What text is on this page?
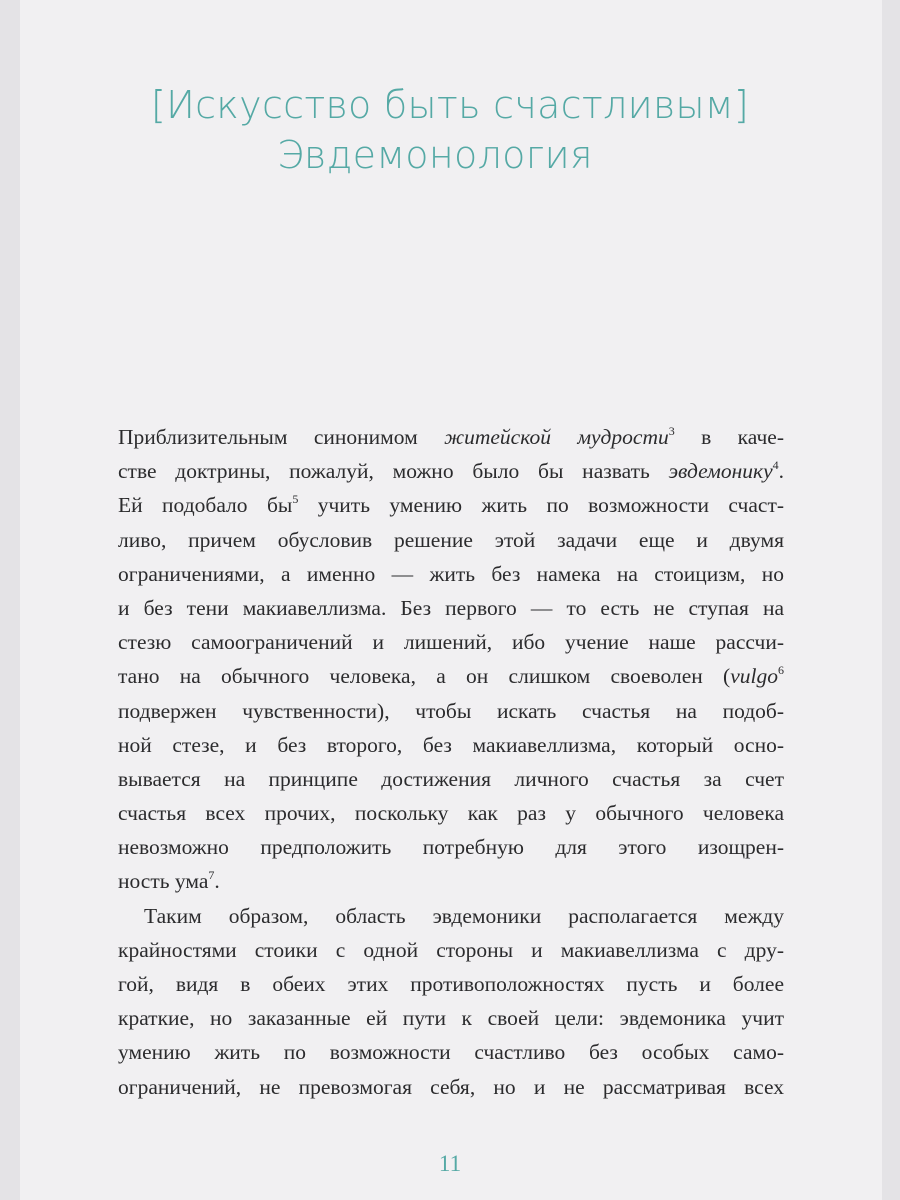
[Искусство быть счастливым]
Эвдемонология
Приблизительным синонимом житейской мудрости$^3$ в каче-
стве доктрины, пожалуй, можно было бы назвать эвдемонику$^4$.
Ей подобало $бы^5$ учить умению жить по возможности счаст-
ливо, причем обусловив решение этой задачи еще и двумя
ограничениями, а именно — жить без намека на стоицизм, но
и без тени макиавеллизма. Без первого — то есть не ступая на
стезю самоограничений и лишений, ибо учение наше рассчи-
тано на обычного человека, а он слишком своеволен (vulgo$^6$
подвержен чувственности), чтобы искать счастья на подоб-
ной стезе, и без второго, без макиавеллизма, который осно-
вывается на принципе достижения личного счастья за счет
счастья всех прочих, поскольку как раз у обычного человека
невозможно предположить потребную для этого изощрен-
ность ума$^7$.
Таким образом, область эвдемоники располагается между
крайностями стоики с одной стороны и макиавеллизма с дру-
гой, видя в обеих этих противоположностях пусть и более
краткие, но заказанные ей пути к своей цели: эвдемоника учит
умению жить по возможности счастливо без особых само-
ограничений, не превозмогая себя, но и не рассматривая всех
11
